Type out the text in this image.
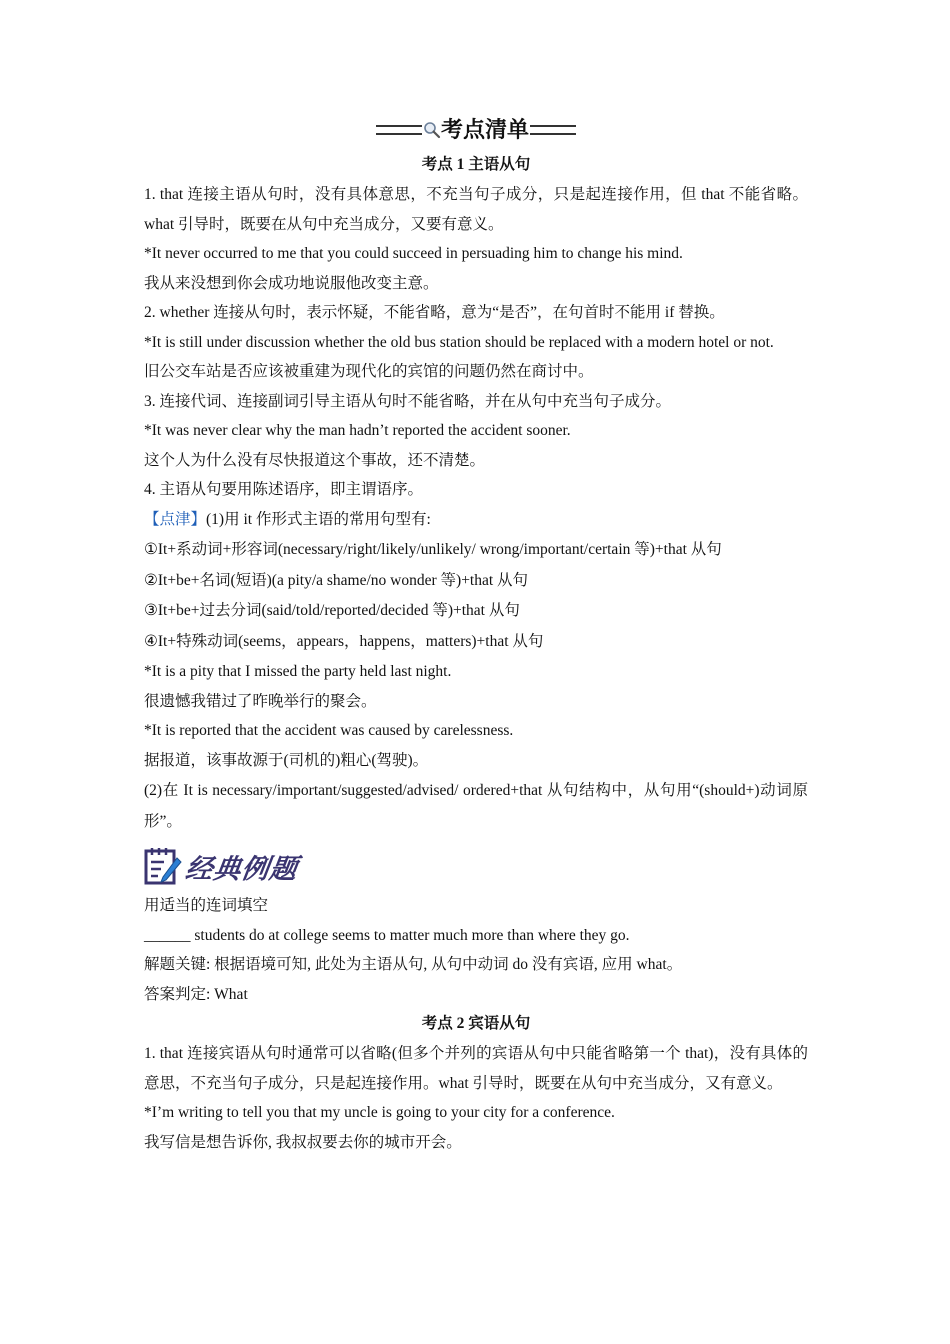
考点清单
考点 1 主语从句

1. that 连接主语从句时，没有具体意思，不充当句子成分，只是起连接作用，但 that 不能省略。what 引导时，既要在从句中充当成分，又要有意义。

*It never occurred to me that you could succeed in persuading him to change his mind.

我从来没想到你会成功地说服他改变主意。

2. whether 连接从句时，表示怀疑，不能省略，意为“是否”，在句首时不能用 if 替换。

*It is still under discussion whether the old bus station should be replaced with a modern hotel or not.

旧公交车站是否应该被重建为现代化的宾馆的问题仍然在商讨中。

3. 连接代词、连接副词引导主语从句时不能省略，并在从句中充当句子成分。

*It was never clear why the man hadn’t reported the accident sooner.

这个人为什么没有尽快报道这个事故，还不清楚。

4. 主语从句要用陈述语序，即主谓语序。

【点津】(1)用 it 作形式主语的常用句型有:

①It+系动词+形容词(necessary/right/likely/unlikely/ wrong/important/certain 等)+that 从句

②It+be+名词(短语)(a pity/a shame/no wonder 等)+that 从句

③It+be+过去分词(said/told/reported/decided 等)+that 从句

④It+特殊动词(seems，appears，happens，matters)+that 从句

*It is a pity that I missed the party held last night.

很遗憾我错过了昨晚举行的聚会。

*It is reported that the accident was caused by carelessness.

据报道，该事故源于(司机的)粗心(驾驶)。

(2)在 It is necessary/important/suggested/advised/ ordered+that 从句结构中，从句用“(should+)动词原形”。

经典例题

用适当的连词填空

______ students do at college seems to matter much more than where they go.

解题关键: 根据语境可知, 此处为主语从句, 从句中动词 do 没有宾语, 应用 what。

答案判定: What

考点 2 宾语从句

1. that 连接宾语从句时通常可以省略(但多个并列的宾语从句中只能省略第一个 that)，没有具体的意思，不充当句子成分，只是起连接作用。what 引导时，既要在从句中充当成分，又有意义。

*I’m writing to tell you that my uncle is going to your city for a conference.

我写信是想告诉你, 我叔叔要去你的城市开会。
